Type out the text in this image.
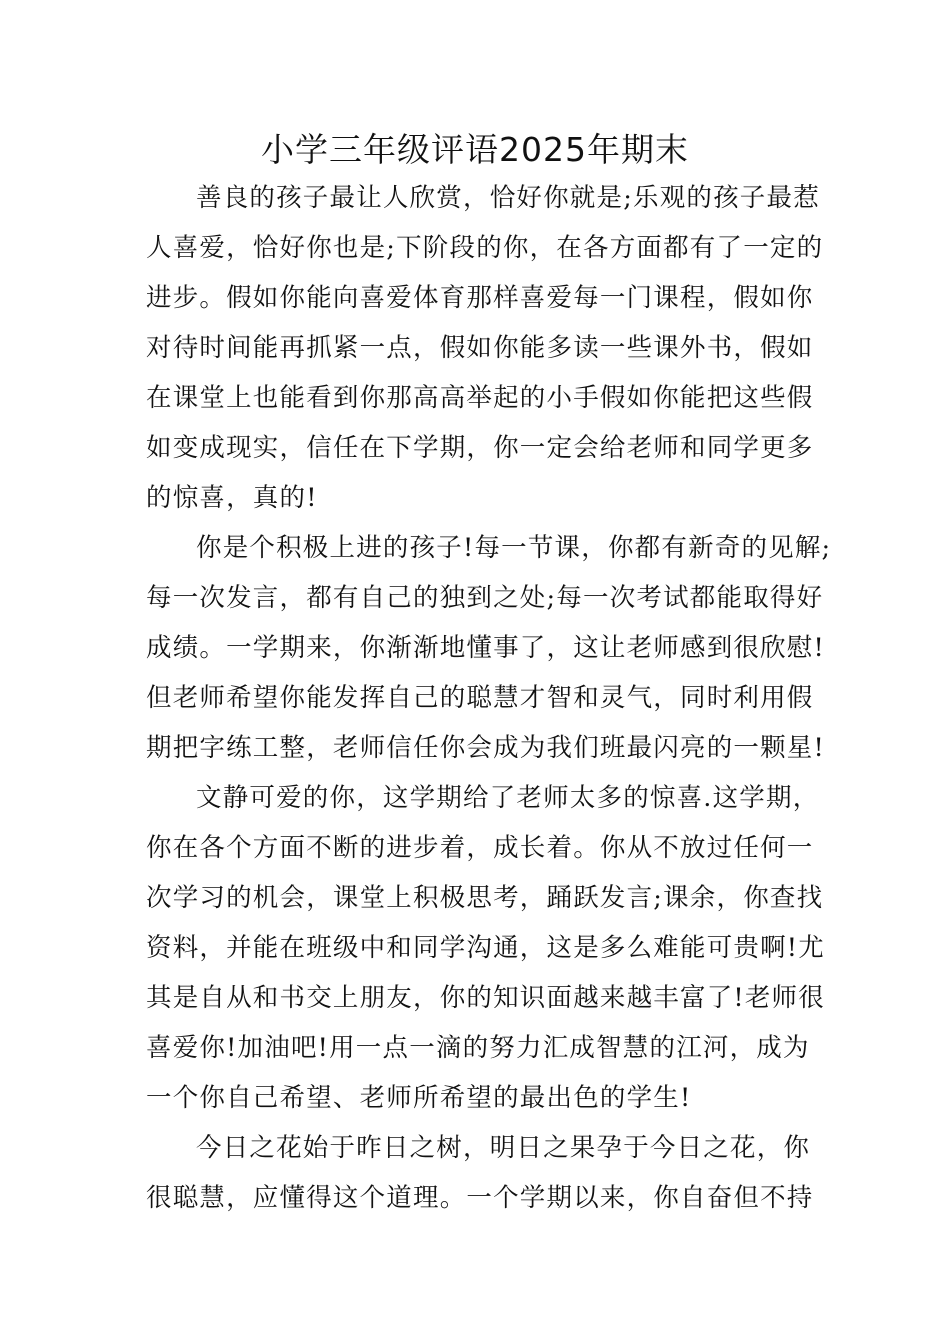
小学三年级评语2025年期末
善良的孩子最让人欣赏，恰好你就是;乐观的孩子最惹
人喜爱，恰好你也是;下阶段的你，在各方面都有了一定的
进步。假如你能向喜爱体育那样喜爱每一门课程，假如你
对待时间能再抓紧一点，假如你能多读一些课外书，假如
在课堂上也能看到你那高高举起的小手假如你能把这些假
如变成现实，信任在下学期，你一定会给老师和同学更多
的惊喜，真的!
你是个积极上进的孩子!每一节课，你都有新奇的见解;
每一次发言，都有自己的独到之处;每一次考试都能取得好
成绩。一学期来，你渐渐地懂事了，这让老师感到很欣慰!
但老师希望你能发挥自己的聪慧才智和灵气，同时利用假
期把字练工整，老师信任你会成为我们班最闪亮的一颗星!
文静可爱的你，这学期给了老师太多的惊喜.这学期，
你在各个方面不断的进步着，成长着。你从不放过任何一
次学习的机会，课堂上积极思考，踊跃发言;课余，你查找
资料，并能在班级中和同学沟通，这是多么难能可贵啊!尤
其是自从和书交上朋友，你的知识面越来越丰富了!老师很
喜爱你!加油吧!用一点一滴的努力汇成智慧的江河，成为
一个你自己希望、老师所希望的最出色的学生!
今日之花始于昨日之树，明日之果孕于今日之花，你
很聪慧，应懂得这个道理。一个学期以来，你自奋但不持
